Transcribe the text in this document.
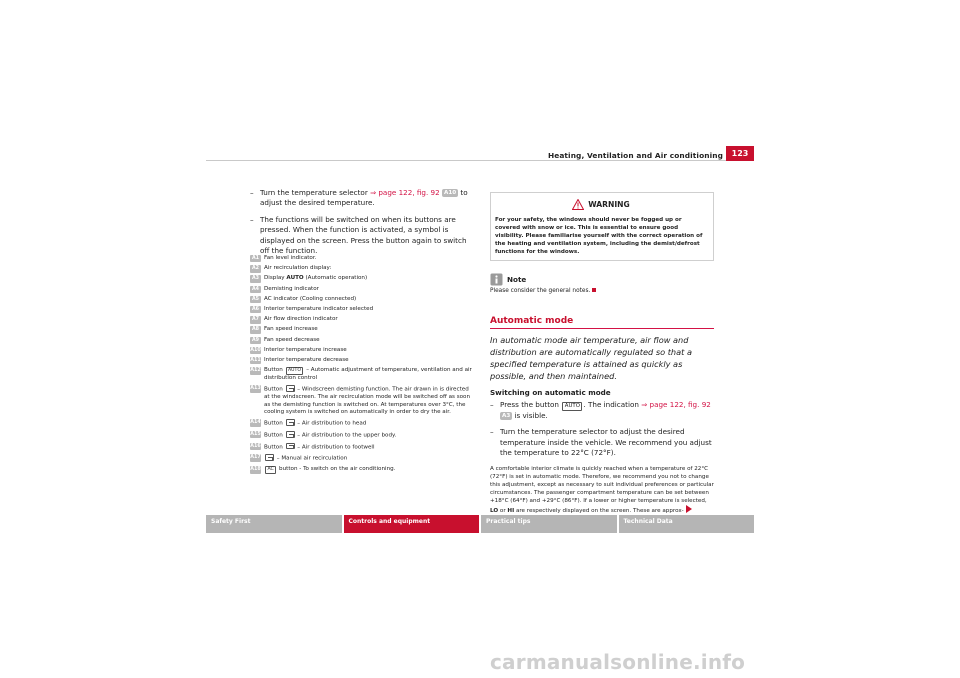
Heating, Ventilation and Air conditioning	123
– Turn the temperature selector ⇒ page 122, fig. 92 A10 to adjust the desired temperature.
– The functions will be switched on when its buttons are pressed. When the function is activated, a symbol is displayed on the screen. Press the button again to switch off the function.
A1 Fan level indicator.
A2 Air recirculation display:
A3 Display AUTO (Automatic operation)
A4 Demisting indicator
A5 AC indicator (Cooling connected)
A6 Interior temperature indicator selected
A7 Air flow direction indicator
A8 Fan speed increase
A9 Fan speed decrease
A10 Interior temperature increase
A11 Interior temperature decrease
A12 Button AUTO – Automatic adjustment of temperature, ventilation and air distribution control
A13 Button  – Windscreen demisting function. The air drawn in is directed at the windscreen. The air recirculation mode will be switched off as soon as the demisting function is switched on. At temperatures over 3°C, the cooling system is switched on automatically in order to dry the air.
A14 Button  – Air distribution to head
A15 Button  – Air distribution to the upper body.
A16 Button  – Air distribution to footwell
A17	– Manual air recirculation
A18 AC button - To switch on the air conditioning.
WARNING
For your safety, the windows should never be fogged up or covered with snow or ice. This is essential to ensure good visibility. Please familiarise yourself with the correct operation of the heating and ventilation system, including the demist/defrost functions for the windows.
Note
Please consider the general notes.
Automatic mode
In automatic mode air temperature, air flow and distribution are automatically regulated so that a specified temperature is attained as quickly as possible, and then maintained.
Switching on automatic mode
– Press the button AUTO . The indication ⇒ page 122, fig. 92 A3 is visible.
– Turn the temperature selector to adjust the desired temperature inside the vehicle. We recommend you adjust the temperature to 22°C (72°F).
A comfortable interior climate is quickly reached when a temperature of 22°C (72°F) is set in automatic mode. Therefore, we recommend you not to change this adjustment, except as necessary to suit individual preferences or particular circumstances. The passenger compartment temperature can be set between +18°C (64°F) and +29°C (86°F). If a lower or higher temperature is selected, LO or HI are respectively displayed on the screen. These are approx-
Safety First	Controls and equipment	Practical tips	Technical Data
carmanualsonline.info
